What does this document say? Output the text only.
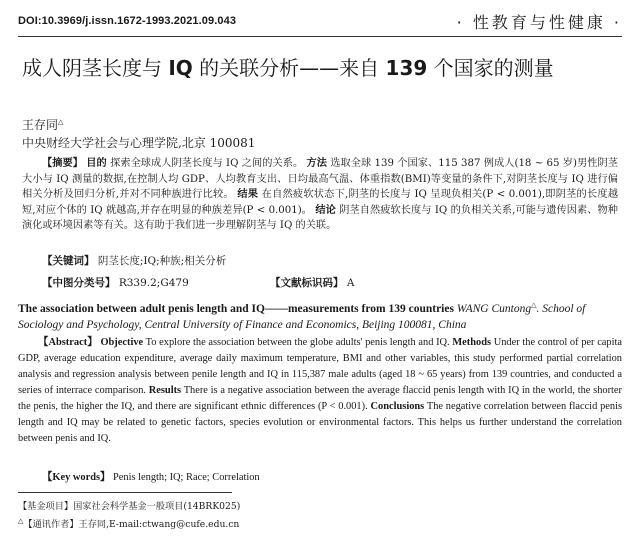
DOI:10.3969/j.issn.1672-1993.2021.09.043	· 性教育与性健康 ·
成人阴茎长度与 IQ 的关联分析——来自 139 个国家的测量
王存同△
中央财经大学社会与心理学院,北京 100081
【摘要】 目的 探索全球成人阴茎长度与 IQ 之间的关系。 方法 选取全球 139 个国家、115 387 例成人(18 ~ 65 岁)男性阴茎大小与 IQ 测量的数据,在控制人均 GDP、人均教育支出、日均最高气温、体重指数(BMI)等变量的条件下,对阴茎长度与 IQ 进行偏相关分析及回归分析,并对不同种族进行比较。 结果 在自然疲软状态下,阴茎的长度与 IQ 呈现负相关(P < 0.001),即阴茎的长度越短,对应个体的 IQ 就越高,并存在明显的种族差异(P < 0.001)。 结论 阴茎自然疲软长度与 IQ 的负相关关系,可能与遗传因素、物种演化或环境因素等有关。这有助于我们进一步理解阴茎与 IQ 的关联。
【关键词】 阴茎长度;IQ;种族;相关分析
【中图分类号】 R339.2;G479	【文献标识码】 A
The association between adult penis length and IQ——measurements from 139 countries WANG Cuntong△. School of Sociology and Psychology, Central University of Finance and Economics, Beijing 100081, China
【Abstract】 Objective To explore the association between the globe adults' penis length and IQ. Methods Under the control of per capita GDP, average education expenditure, average daily maximum temperature, BMI and other variables, this study performed partial correlation analysis and regression analysis between penile length and IQ in 115,387 male adults (aged 18 ~ 65 years) from 139 countries, and conducted a series of interrace comparison. Results There is a negative association between the average flaccid penis length with IQ in the world, the shorter the penis, the higher the IQ, and there are significant ethnic differences (P < 0.001). Conclusions The negative correlation between flaccid penis length and IQ may be related to genetic factors, species evolution or environmental factors. This helps us further understand the correlation between penis and IQ.
【Key words】 Penis length; IQ; Race; Correlation
【基金项目】国家社会科学基金一般项目(14BRK025)
△【通讯作者】王存同,E-mail:ctwang@cufe.edu.cn
